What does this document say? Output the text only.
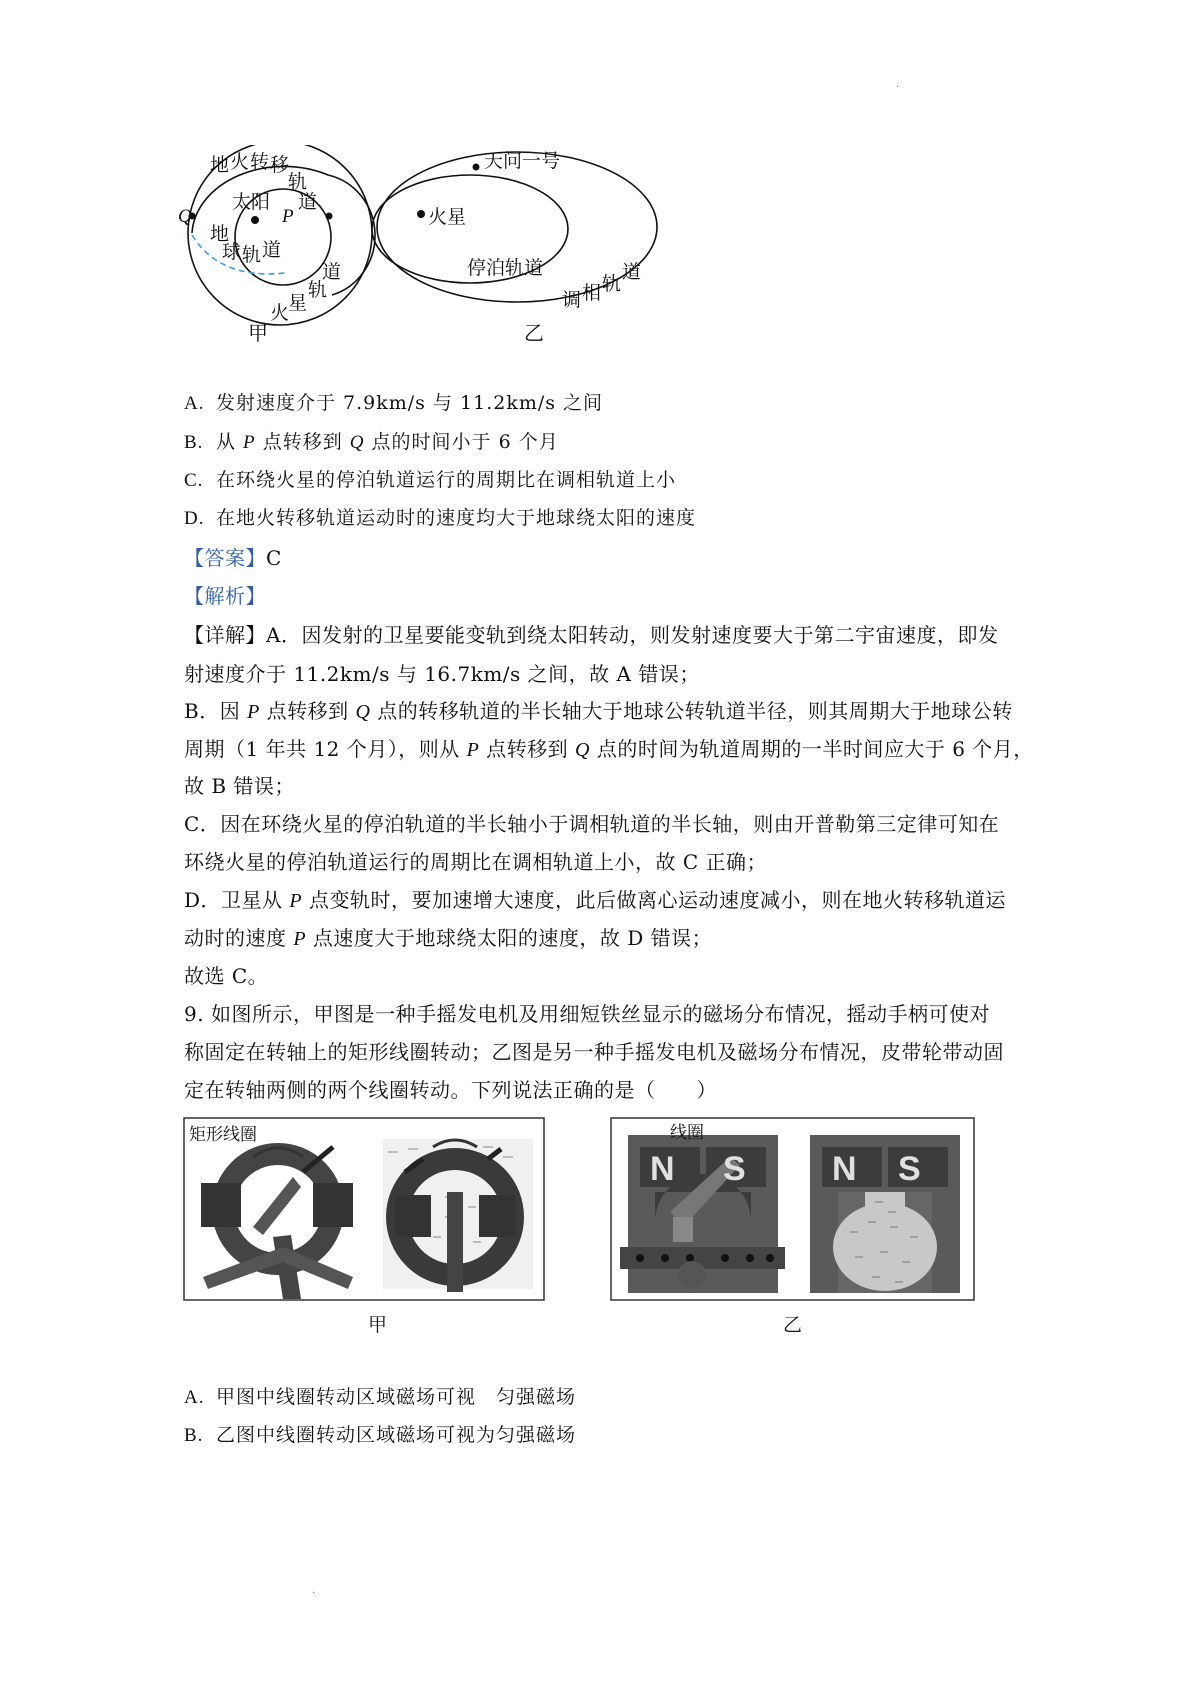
·
·
地 火 转 移
轨
道
太阳
P
Q
地
球 轨 道
道
轨
星
火
甲
天问一号
火星
停泊轨道
调 相 轨
道
乙
A. 发射速度介于 7.9km/s 与 11.2km/s 之间
B. 从 P 点转移到 Q 点的时间小于 6 个月
C. 在环绕火星的停泊轨道运行的周期比在调相轨道上小
D. 在地火转移轨道运动时的速度均大于地球绕太阳的速度
【答案】C
【解析】
【详解】A．因发射的卫星要能变轨到绕太阳转动，则发射速度要大于第二宇宙速度，即发
射速度介于 11.2km/s 与 16.7km/s 之间，故 A 错误；
B．因 P 点转移到 Q 点的转移轨道的半长轴大于地球公转轨道半径，则其周期大于地球公转
周期（1 年共 12 个月），则从 P 点转移到 Q 点的时间为轨道周期的一半时间应大于 6 个月，
故 B 错误；
C．因在环绕火星的停泊轨道的半长轴小于调相轨道的半长轴，则由开普勒第三定律可知在
环绕火星的停泊轨道运行的周期比在调相轨道上小，故 C 正确；
D．卫星从 P 点变轨时，要加速增大速度，此后做离心运动速度减小，则在地火转移轨道运
动时的速度 P 点速度大于地球绕太阳的速度，故 D 错误；
故选 C。
9. 如图所示，甲图是一种手摇发电机及用细短铁丝显示的磁场分布情况，摇动手柄可使对
称固定在转轴上的矩形线圈转动；乙图是另一种手摇发电机及磁场分布情况，皮带轮带动固
定在转轴两侧的两个线圈转动。下列说法正确的是（　　）
矩形线圈
甲
线圈
N S	N S
乙
A. 甲图中线圈转动区域磁场可视　匀强磁场
B. 乙图中线圈转动区域磁场可视为匀强磁场
